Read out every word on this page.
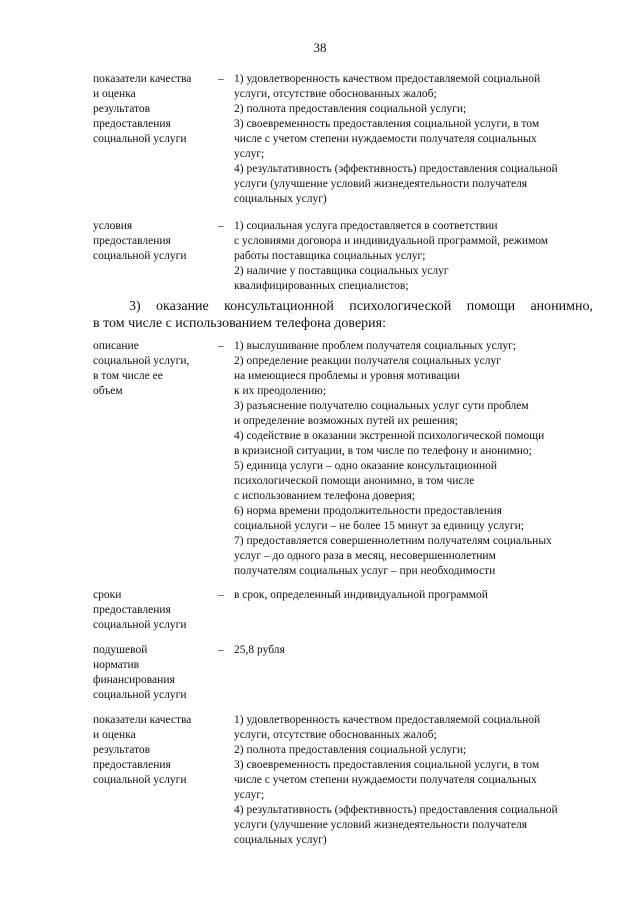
38
показатели качества
и оценка
результатов
предоставления
социальной услуги
– 1) удовлетворенность качеством предоставляемой социальной
услуги, отсутствие обоснованных жалоб;
2) полнота предоставления социальной услуги;
3) своевременность предоставления социальной услуги, в том
числе с учетом степени нуждаемости получателя социальных
услуг;
4) результативность (эффективность) предоставления социальной
услуги (улучшение условий жизнедеятельности получателя
социальных услуг)
условия
предоставления
социальной услуги
– 1) социальная услуга предоставляется в соответствии
с условиями договора и индивидуальной программой, режимом
работы поставщика социальных услуг;
2) наличие у поставщика социальных услуг
квалифицированных специалистов;
3) оказание консультационной психологической помощи анонимно,
в том числе с использованием телефона доверия:
описание
социальной услуги,
в том числе ее
объем
– 1) выслушивание проблем получателя социальных услуг;
2) определение реакции получателя социальных услуг
на имеющиеся проблемы и уровня мотивации
к их преодолению;
3) разъяснение получателю социальных услуг сути проблем
и определение возможных путей их решения;
4) содействие в оказании экстренной психологической помощи
в кризисной ситуации, в том числе по телефону и анонимно;
5) единица услуги – одно оказание консультационной
психологической помощи анонимно, в том числе
с использованием телефона доверия;
6) норма времени продолжительности предоставления
социальной услуги – не более 15 минут за единицу услуги;
7) предоставляется совершеннолетним получателям социальных
услуг – до одного раза в месяц, несовершеннолетним
получателям социальных услуг – при необходимости
сроки
предоставления
социальной услуги
– в срок, определенный индивидуальной программой
подушевой
норматив
финансирования
социальной услуги
– 25,8 рубля
показатели качества
и оценка
результатов
предоставления
социальной услуги
1) удовлетворенность качеством предоставляемой социальной
услуги, отсутствие обоснованных жалоб;
2) полнота предоставления социальной услуги;
3) своевременность предоставления социальной услуги, в том
числе с учетом степени нуждаемости получателя социальных
услуг;
4) результативность (эффективность) предоставления социальной
услуги (улучшение условий жизнедеятельности получателя
социальных услуг)
